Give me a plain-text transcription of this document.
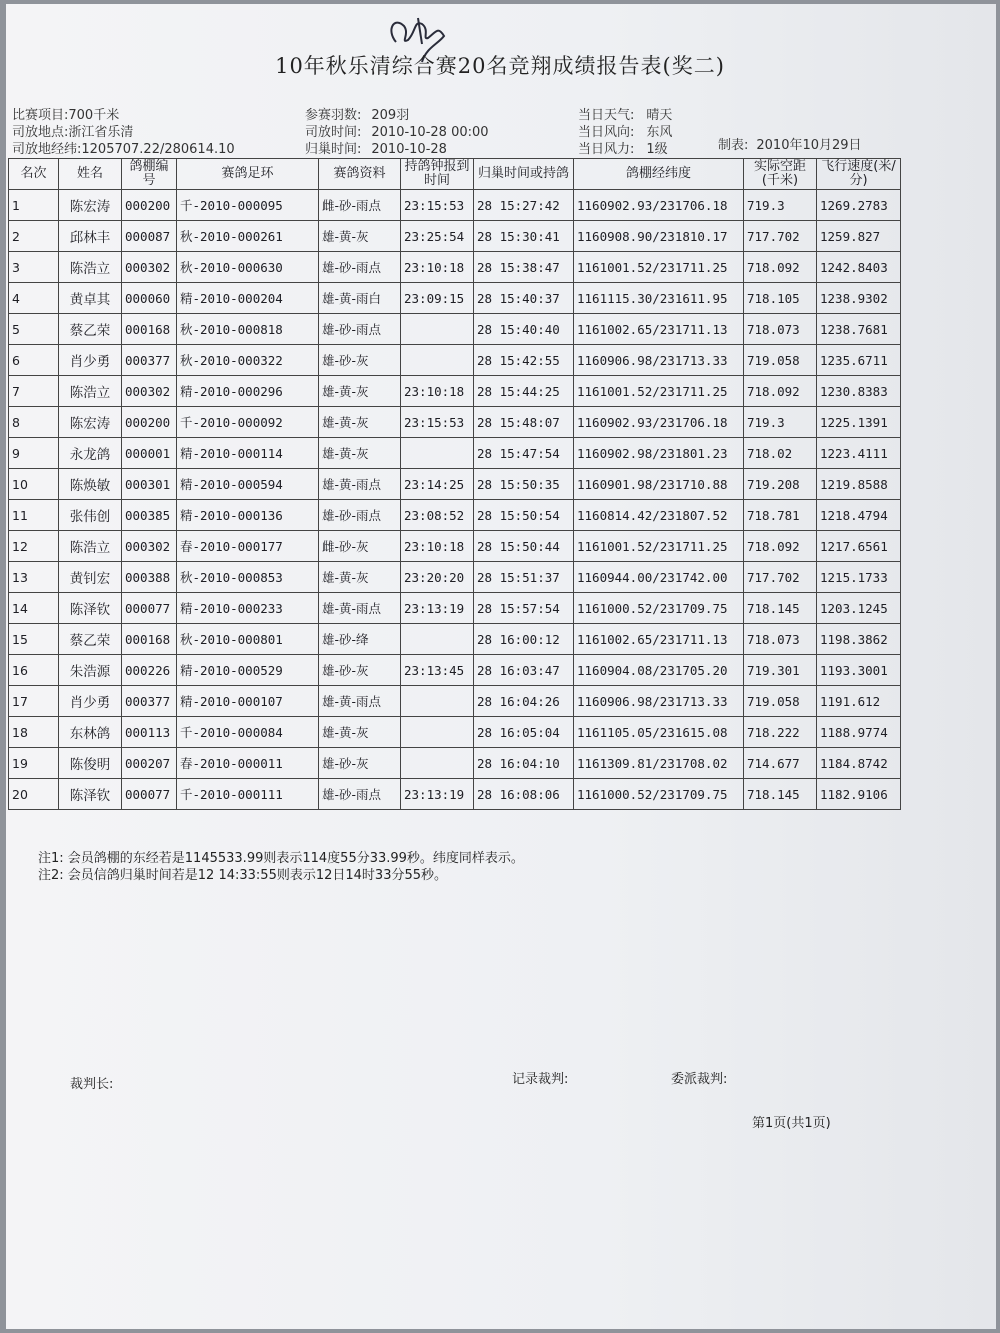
10年秋乐清综合赛20名竞翔成绩报告表(奖二)
比赛项目:700千米	参赛羽数: 209羽	当日天气: 晴天
司放地点:浙江省乐清	司放时间: 2010-10-28 00:00	当日风向: 东风
司放地经纬:1205707.22/280614.10	归巢时间: 2010-10-28	当日风力: 1级	制表: 2010年10月29日
名次	姓名	鸽棚编号	赛鸽足环	赛鸽资料	持鸽钟报到时间	归巢时间或持鸽	鸽棚经纬度	实际空距(千米)	飞行速度(米/分)
1	陈宏涛	000200	千-2010-000095	雌-砂-雨点	23:15:53	28 15:27:42	1160902.93/231706.18	719.3	1269.2783
2	邱林丰	000087	秋-2010-000261	雄-黄-灰	23:25:54	28 15:30:41	1160908.90/231810.17	717.702	1259.827
3	陈浩立	000302	秋-2010-000630	雄-砂-雨点	23:10:18	28 15:38:47	1161001.52/231711.25	718.092	1242.8403
4	黄卓其	000060	精-2010-000204	雄-黄-雨白	23:09:15	28 15:40:37	1161115.30/231611.95	718.105	1238.9302
5	蔡乙荣	000168	秋-2010-000818	雄-砂-雨点		28 15:40:40	1161002.65/231711.13	718.073	1238.7681
6	肖少勇	000377	秋-2010-000322	雄-砂-灰		28 15:42:55	1160906.98/231713.33	719.058	1235.6711
7	陈浩立	000302	精-2010-000296	雄-黄-灰	23:10:18	28 15:44:25	1161001.52/231711.25	718.092	1230.8383
8	陈宏涛	000200	千-2010-000092	雄-黄-灰	23:15:53	28 15:48:07	1160902.93/231706.18	719.3	1225.1391
9	永龙鸽	000001	精-2010-000114	雄-黄-灰		28 15:47:54	1160902.98/231801.23	718.02	1223.4111
10	陈焕敏	000301	精-2010-000594	雄-黄-雨点	23:14:25	28 15:50:35	1160901.98/231710.88	719.208	1219.8588
11	张伟创	000385	精-2010-000136	雄-砂-雨点	23:08:52	28 15:50:54	1160814.42/231807.52	718.781	1218.4794
12	陈浩立	000302	春-2010-000177	雌-砂-灰	23:10:18	28 15:50:44	1161001.52/231711.25	718.092	1217.6561
13	黄钊宏	000388	秋-2010-000853	雄-黄-灰	23:20:20	28 15:51:37	1160944.00/231742.00	717.702	1215.1733
14	陈泽钦	000077	精-2010-000233	雄-黄-雨点	23:13:19	28 15:57:54	1161000.52/231709.75	718.145	1203.1245
15	蔡乙荣	000168	秋-2010-000801	雄-砂-绛		28 16:00:12	1161002.65/231711.13	718.073	1198.3862
16	朱浩源	000226	精-2010-000529	雄-砂-灰	23:13:45	28 16:03:47	1160904.08/231705.20	719.301	1193.3001
17	肖少勇	000377	精-2010-000107	雄-黄-雨点		28 16:04:26	1160906.98/231713.33	719.058	1191.612
18	东林鸽	000113	千-2010-000084	雄-黄-灰		28 16:05:04	1161105.05/231615.08	718.222	1188.9774
19	陈俊明	000207	春-2010-000011	雄-砂-灰		28 16:04:10	1161309.81/231708.02	714.677	1184.8742
20	陈泽钦	000077	千-2010-000111	雄-砂-雨点	23:13:19	28 16:08:06	1161000.52/231709.75	718.145	1182.9106
注1: 会员鸽棚的东经若是1145533.99则表示114度55分33.99秒。纬度同样表示。
注2: 会员信鸽归巢时间若是12 14:33:55则表示12日14时33分55秒。
裁判长:	记录裁判:	委派裁判:
第1页(共1页)
